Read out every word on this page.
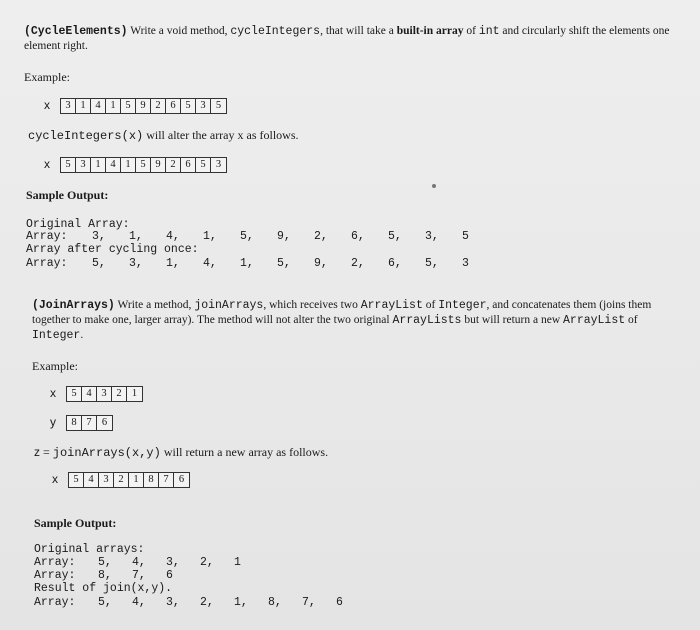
(CycleElements) Write a void method, cycleIntegers, that will take a built-in array of int and circularly shift the elements one element right.
Example:
x	3 1 4 1 5 9 2 6 5 3 5
cycleIntegers(x) will alter the array x as follows.
x	5 3 1 4 1 5 9 2 6 5 3
Sample Output:
Original Array:
Array: 3,	1,	4,	1,	5,	9,	2,	6,	5,	3,	5
Array after cycling once:
Array: 5,	3,	1,	4,	1,	5,	9,	2,	6,	5,	3
(JoinArrays) Write a method, joinArrays, which receives two ArrayList of Integer, and concatenates them (joins them together to make one, larger array). The method will not alter the two original ArrayLists but will return a new ArrayList of Integer.
Example:
x	5 4 3 2 1
y	8 7 6
z = joinArrays(x,y) will return a new array as follows.
x	5 4 3 2 1 8 7 6
Sample Output:
Original arrays:
Array: 5,	4,	3,	2,	1
Array: 8,	7,	6
Result of join(x,y).
Array: 5,	4,	3,	2,	1,	8,	7,	6
